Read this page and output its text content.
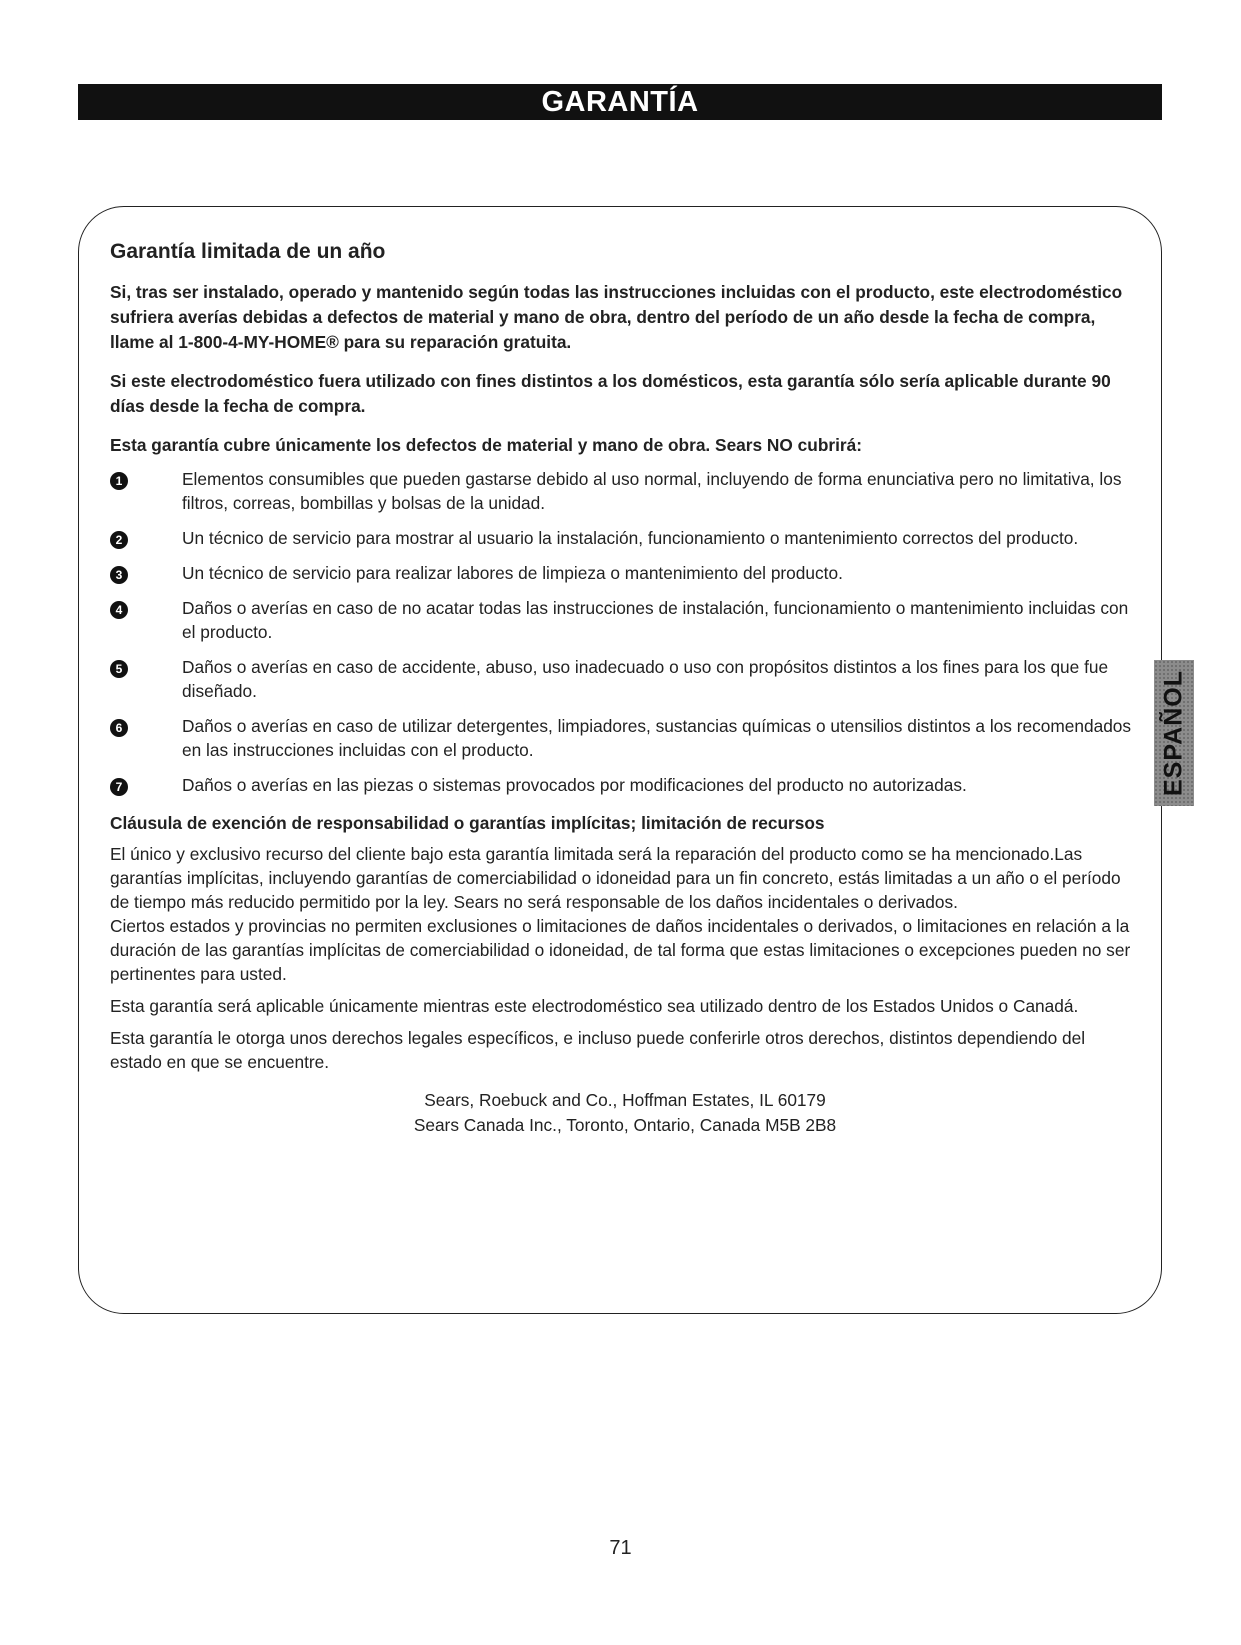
GARANTÍA
Garantía limitada de un año

Si, tras ser instalado, operado y mantenido según todas las instrucciones incluidas con el producto, este electrodoméstico sufriera averías debidas a defectos de material y mano de obra, dentro del período de un año desde la fecha de compra, llame al 1-800-4-MY-HOME® para su reparación gratuita.

Si este electrodoméstico fuera utilizado con fines distintos a los domésticos, esta garantía sólo sería aplicable durante 90 días desde la fecha de compra.

Esta garantía cubre únicamente los defectos de material y mano de obra. Sears NO cubrirá:

1	Elementos consumibles que pueden gastarse debido al uso normal, incluyendo de forma enunciativa pero no limitativa, los filtros, correas, bombillas y bolsas de la unidad.
2	Un técnico de servicio para mostrar al usuario la instalación, funcionamiento o mantenimiento correctos del producto.
3	Un técnico de servicio para realizar labores de limpieza o mantenimiento del producto.
4	Daños o averías en caso de no acatar todas las instrucciones de instalación, funcionamiento o mantenimiento incluidas con el producto.
5	Daños o averías en caso de accidente, abuso, uso inadecuado o uso con propósitos distintos a los fines para los que fue diseñado.
6	Daños o averías en caso de utilizar detergentes, limpiadores, sustancias químicas o utensilios distintos a los recomendados en las instrucciones incluidas con el producto.
7	Daños o averías en las piezas o sistemas provocados por modificaciones del producto no autorizadas.
Cláusula de exención de responsabilidad o garantías implícitas; limitación de recursos

El único y exclusivo recurso del cliente bajo esta garantía limitada será la reparación del producto como se ha mencionado.Las garantías implícitas, incluyendo garantías de comerciabilidad o idoneidad para un fin concreto, estás limitadas a un año o el período de tiempo más reducido permitido por la ley. Sears no será responsable de los daños incidentales o derivados.

Ciertos estados y provincias no permiten exclusiones o limitaciones de daños incidentales o derivados, o limitaciones en relación a la duración de las garantías implícitas de comerciabilidad o idoneidad, de tal forma que estas limitaciones o excepciones pueden no ser pertinentes para usted.

Esta garantía será aplicable únicamente mientras este electrodoméstico sea utilizado dentro de los Estados Unidos o Canadá.

Esta garantía le otorga unos derechos legales específicos, e incluso puede conferirle otros derechos, distintos dependiendo del estado en que se encuentre.

Sears, Roebuck and Co., Hoffman Estates, IL 60179
Sears Canada Inc., Toronto, Ontario, Canada M5B 2B8
ESPAÑOL
71
